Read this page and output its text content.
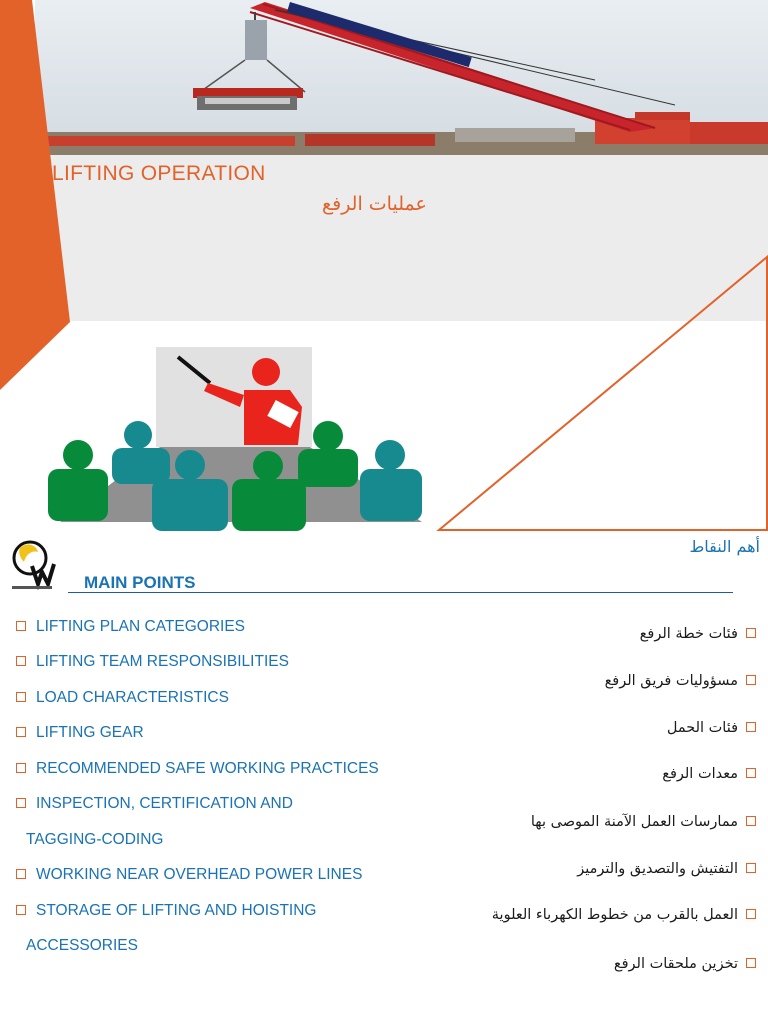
LIFTING OPERATION
عمليات الرفع
أهم النقاط
MAIN POINTS
LIFTING PLAN CATEGORIES
LIFTING TEAM RESPONSIBILITIES
LOAD CHARACTERISTICS
LIFTING GEAR
RECOMMENDED SAFE WORKING PRACTICES
INSPECTION, CERTIFICATION AND
TAGGING-CODING
WORKING NEAR OVERHEAD POWER LINES
STORAGE OF LIFTING AND HOISTING
ACCESSORIES
فئات خطة الرفع
مسؤوليات فريق الرفع
فئات الحمل
معدات الرفع
ممارسات العمل الآمنة الموصى بها
التفتيش والتصديق والترميز
العمل بالقرب من خطوط الكهرباء العلوية
تخزين ملحقات الرفع
